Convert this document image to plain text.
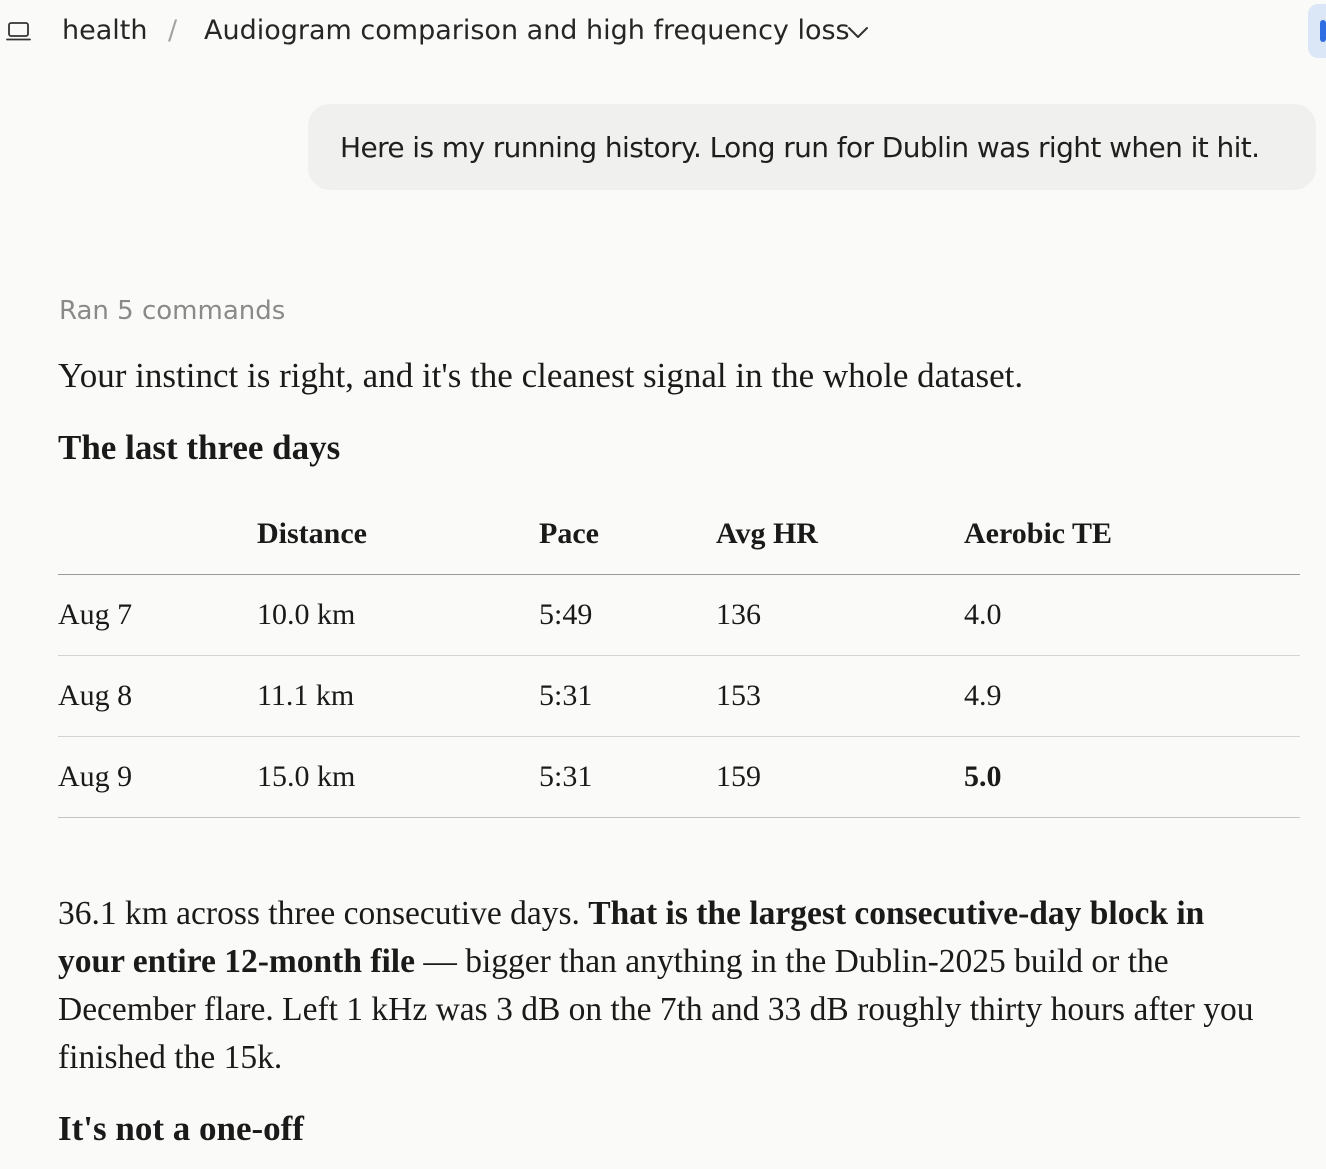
health / Audiogram comparison and high frequency loss
Here is my running history. Long run for Dublin was right when it hit.
Ran 5 commands
Your instinct is right, and it's the cleanest signal in the whole dataset.
The last three days
	Distance	Pace	Avg HR	Aerobic TE
Aug 7	10.0 km	5:49	136	4.0
Aug 8	11.1 km	5:31	153	4.9
Aug 9	15.0 km	5:31	159	5.0
36.1 km across three consecutive days. That is the largest consecutive-day block in your entire 12-month file — bigger than anything in the Dublin-2025 build or the December flare. Left 1 kHz was 3 dB on the 7th and 33 dB roughly thirty hours after you finished the 15k.
It's not a one-off
